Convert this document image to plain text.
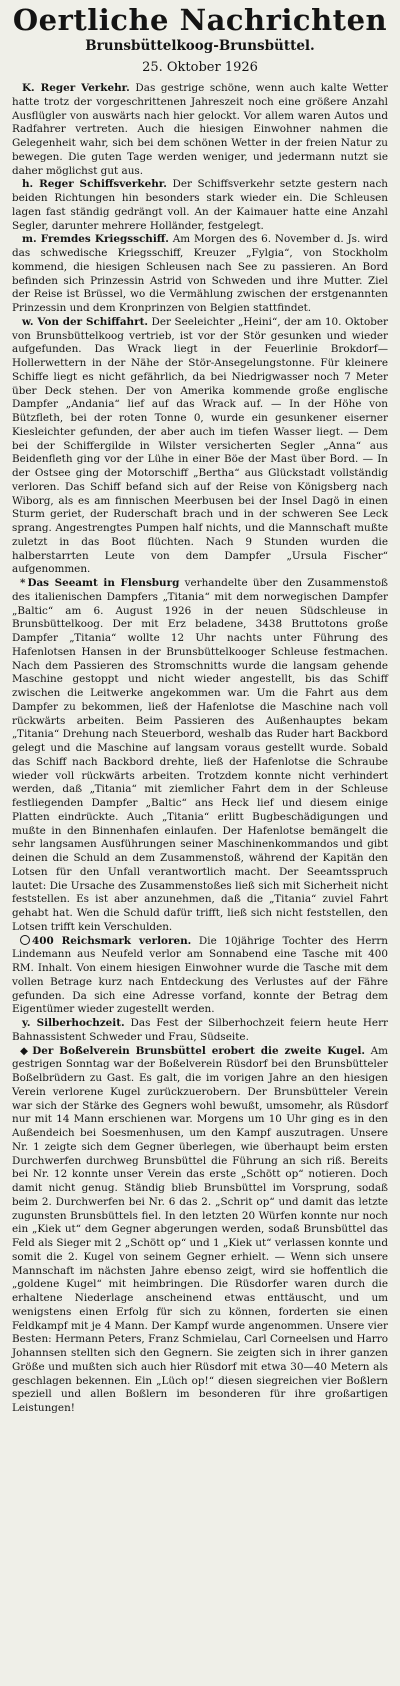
Oertliche Nachrichten
Brunsbüttelkoog-Brunsbüttel.
25. Oktober 1926

K. Reger Verkehr. Das gestrige schöne, wenn auch kalte Wetter hatte trotz der vorgeschrittenen Jahreszeit noch eine größere Anzahl Ausflügler von auswärts nach hier gelockt. Vor allem waren Autos und Radfahrer vertreten. Auch die hiesigen Einwohner nahmen die Gelegenheit wahr, sich bei dem schönen Wetter in der freien Natur zu bewegen. Die guten Tage werden weniger, und jedermann nutzt sie daher möglichst gut aus.

h. Reger Schiffsverkehr. Der Schiffsverkehr setzte gestern nach beiden Richtungen hin besonders stark wieder ein. Die Schleusen lagen fast ständig gedrängt voll. An der Kaimauer hatte eine Anzahl Segler, darunter mehrere Holländer, festgelegt.

m. Fremdes Kriegsschiff. Am Morgen des 6. November d. Js. wird das schwedische Kriegsschiff, Kreuzer „Fylgia“, von Stockholm kommend, die hiesigen Schleusen nach See zu passieren. An Bord befinden sich Prinzessin Astrid von Schweden und ihre Mutter. Ziel der Reise ist Brüssel, wo die Vermählung zwischen der erstgenannten Prinzessin und dem Kronprinzen von Belgien stattfindet.

w. Von der Schiffahrt. Der Seeleichter „Heini“, der am 10. Oktober von Brunsbüttelkoog vertrieb, ist vor der Stör gesunken und wieder aufgefunden. Das Wrack liegt in der Feuerlinie Brokdorf—Hollerwettern in der Nähe der Stör-Ansegelungstonne. Für kleinere Schiffe liegt es nicht gefährlich, da bei Niedrigwasser noch 7 Meter über Deck stehen. Der von Amerika kommende große englische Dampfer „Andania“ lief auf das Wrack auf. — In der Höhe von Bützfleth, bei der roten Tonne 0, wurde ein gesunkener eiserner Kiesleichter gefunden, der aber auch im tiefen Wasser liegt. — Dem bei der Schiffergilde in Wilster versicherten Segler „Anna“ aus Beidenfleth ging vor der Lühe in einer Böe der Mast über Bord. — In der Ostsee ging der Motorschiff „Bertha“ aus Glückstadt vollständig verloren. Das Schiff befand sich auf der Reise von Königsberg nach Wiborg, als es am finnischen Meerbusen bei der Insel Dagö in einen Sturm geriet, der Ruderschaft brach und in der schweren See Leck sprang. Angestrengtes Pumpen half nichts, und die Mannschaft mußte zuletzt in das Boot flüchten. Nach 9 Stunden wurden die halberstarrten Leute von dem Dampfer „Ursula Fischer“ aufgenommen.

* Das Seeamt in Flensburg verhandelte über den Zusammenstoß des italienischen Dampfers „Titania“ mit dem norwegischen Dampfer „Baltic“ am 6. August 1926 in der neuen Südschleuse in Brunsbüttelkoog. Der mit Erz beladene, 3438 Bruttotons große Dampfer „Titania“ wollte 12 Uhr nachts unter Führung des Hafenlotsen Hansen in der Brunsbüttelkooger Schleuse festmachen. Nach dem Passieren des Stromschnitts wurde die langsam gehende Maschine gestoppt und nicht wieder angestellt, bis das Schiff zwischen die Leitwerke angekommen war. Um die Fahrt aus dem Dampfer zu bekommen, ließ der Hafenlotse die Maschine nach voll rückwärts arbeiten. Beim Passieren des Außenhauptes bekam „Titania“ Drehung nach Steuerbord, weshalb das Ruder hart Backbord gelegt und die Maschine auf langsam voraus gestellt wurde. Sobald das Schiff nach Backbord drehte, ließ der Hafenlotse die Schraube wieder voll rückwärts arbeiten. Trotzdem konnte nicht verhindert werden, daß „Titania“ mit ziemlicher Fahrt dem in der Schleuse festliegenden Dampfer „Baltic“ ans Heck lief und diesem einige Platten eindrückte. Auch „Titania“ erlitt Bugbeschädigungen und mußte in den Binnenhafen einlaufen. Der Hafenlotse bemängelt die sehr langsamen Ausführungen seiner Maschinenkommandos und gibt deinen die Schuld an dem Zusammenstoß, während der Kapitän den Lotsen für den Unfall verantwortlich macht. Der Seeamtsspruch lautet: Die Ursache des Zusammenstoßes ließ sich mit Sicherheit nicht feststellen. Es ist aber anzunehmen, daß die „Titania“ zuviel Fahrt gehabt hat. Wen die Schuld dafür trifft, ließ sich nicht feststellen, den Lotsen trifft kein Verschulden.

400 Reichsmark verloren. Die 10jährige Tochter des Herrn Lindemann aus Neufeld verlor am Sonnabend eine Tasche mit 400 RM. Inhalt. Von einem hiesigen Einwohner wurde die Tasche mit dem vollen Betrage kurz nach Entdeckung des Verlustes auf der Fähre gefunden. Da sich eine Adresse vorfand, konnte der Betrag dem Eigentümer wieder zugestellt werden.

y. Silberhochzeit. Das Fest der Silberhochzeit feiern heute Herr Bahnassistent Schweder und Frau, Südseite.

◆ Der Boßelverein Brunsbüttel erobert die zweite Kugel. Am gestrigen Sonntag war der Boßelverein Rüsdorf bei den Brunsbütteler Boßelbrüdern zu Gast. Es galt, die im vorigen Jahre an den hiesigen Verein verlorene Kugel zurückzuerobern. Der Brunsbütteler Verein war sich der Stärke des Gegners wohl bewußt, umsomehr, als Rüsdorf nur mit 14 Mann erschienen war. Morgens um 10 Uhr ging es in den Außendeich bei Soesmenhusen, um den Kampf auszutragen. Unsere Nr. 1 zeigte sich dem Gegner überlegen, wie überhaupt beim ersten Durchwerfen durchweg Brunsbüttel die Führung an sich riß. Bereits bei Nr. 12 konnte unser Verein das erste „Schött op“ notieren. Doch damit nicht genug. Ständig blieb Brunsbüttel im Vorsprung, sodaß beim 2. Durchwerfen bei Nr. 6 das 2. „Schrit op“ und damit das letzte zugunsten Brunsbüttels fiel. In den letzten 20 Würfen konnte nur noch ein „Kiek ut“ dem Gegner abgerungen werden, sodaß Brunsbüttel das Feld als Sieger mit 2 „Schött op“ und 1 „Kiek ut“ verlassen konnte und somit die 2. Kugel von seinem Gegner erhielt. — Wenn sich unsere Mannschaft im nächsten Jahre ebenso zeigt, wird sie hoffentlich die „goldene Kugel“ mit heimbringen. Die Rüsdorfer waren durch die erhaltene Niederlage anscheinend etwas enttäuscht, und um wenigstens einen Erfolg für sich zu können, forderten sie einen Feldkampf mit je 4 Mann. Der Kampf wurde angenommen. Unsere vier Besten: Hermann Peters, Franz Schmielau, Carl Corneelsen und Harro Johannsen stellten sich den Gegnern. Sie zeigten sich in ihrer ganzen Größe und mußten sich auch hier Rüsdorf mit etwa 30—40 Metern als geschlagen bekennen. Ein „Lüch op!“ diesen siegreichen vier Boßlern speziell und allen Boßlern im besonderen für ihre großartigen Leistungen!
